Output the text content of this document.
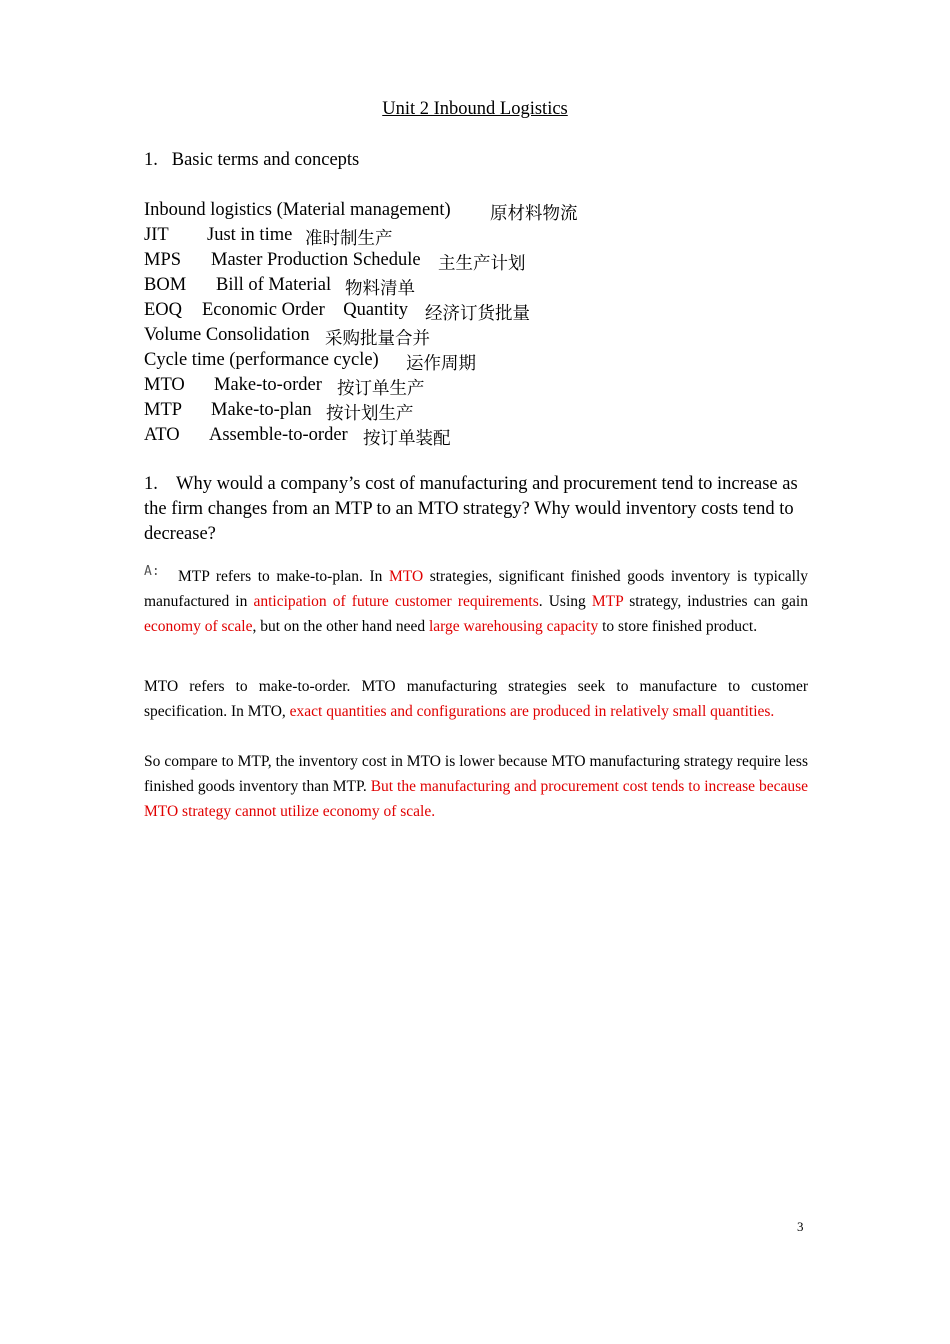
Unit 2 Inbound Logistics
1.   Basic terms and concepts
Inbound logistics (Material management) 原材料物流
JIT Just in time 准时制生产
MPS Master Production Schedule 主生产计划
BOM Bill of Material 物料清单
EOQ Economic Order    Quantity 经济订货批量
Volume Consolidation 采购批量合并
Cycle time (performance cycle) 运作周期
MTO Make-to-order 按订单生产
MTP Make-to-plan 按计划生产
ATO Assemble-to-order 按订单装配
1. Why would a company’s cost of manufacturing and procurement tend to increase as the firm changes from an MTP to an MTO strategy? Why would inventory costs tend to decrease?
A:	MTP refers to make-to-plan. In MTO strategies, significant finished goods inventory is typically manufactured in anticipation of future customer requirements. Using MTP strategy, industries can gain economy of scale, but on the other hand need large warehousing capacity to store finished product.

MTO refers to make-to-order. MTO manufacturing strategies seek to manufacture to customer specification. In MTO, exact quantities and configurations are produced in relatively small quantities.

So compare to MTP, the inventory cost in MTO is lower because MTO manufacturing strategy require less finished goods inventory than MTP. But the manufacturing and procurement cost tends to increase because MTO strategy cannot utilize economy of scale.

3
